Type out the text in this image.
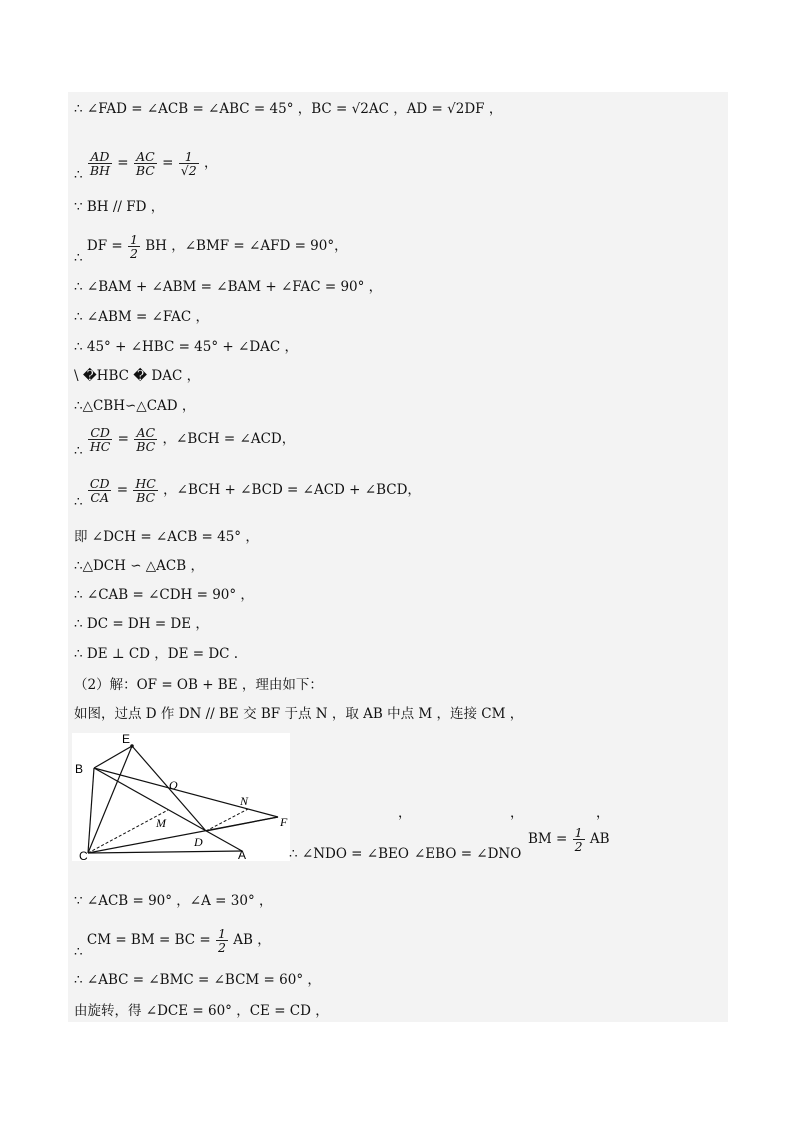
∴ ∠FAD = ∠ACB = ∠ABC = 45° ，BC = √2AC ，AD = √2DF ，
∴ $\frac{AD}{BH} = \frac{AC}{BC} = \frac{1}{√2}$ ，
∵ BH // FD ，
∴ DF = $\frac{1}{2}$ BH ，∠BMF = ∠AFD = 90°，
∴ ∠BAM + ∠ABM = ∠BAM + ∠FAC = 90° ，
∴ ∠ABM = ∠FAC ，
∴ 45° + ∠HBC = 45° + ∠DAC ，
\ �HBC � DAC ，
∴△CBH∽△CAD ，
∴ $\frac{CD}{HC} = \frac{AC}{BC}$ ，∠BCH = ∠ACD，
∴ $\frac{CD}{CA} = \frac{HC}{BC}$ ，∠BCH + ∠BCD = ∠ACD + ∠BCD，
即 ∠DCH = ∠ACB = 45° ，
∴△DCH ∽ △ACB ，
∴ ∠CAB = ∠CDH = 90° ，
∴ DC = DH = DE ，
∴ DE ⊥ CD ，DE = DC .
（2）解：OF = OB + BE ，理由如下：
如图，过点 D 作 DN // BE 交 BF 于点 N ，取 AB 中点 M ，连接 CM ，
E
B
O
N
M	F
C
D
A
，	，	，
∴ ∠NDO = ∠BEO ∠EBO = ∠DNO
BM = $\frac{1}{2}$ AB
∵ ∠ACB = 90° ，∠A = 30° ，
∴ CM = BM = BC = $\frac{1}{2}$ AB ，
∴ ∠ABC = ∠BMC = ∠BCM = 60° ，
由旋转，得 ∠DCE = 60° ，CE = CD ，
